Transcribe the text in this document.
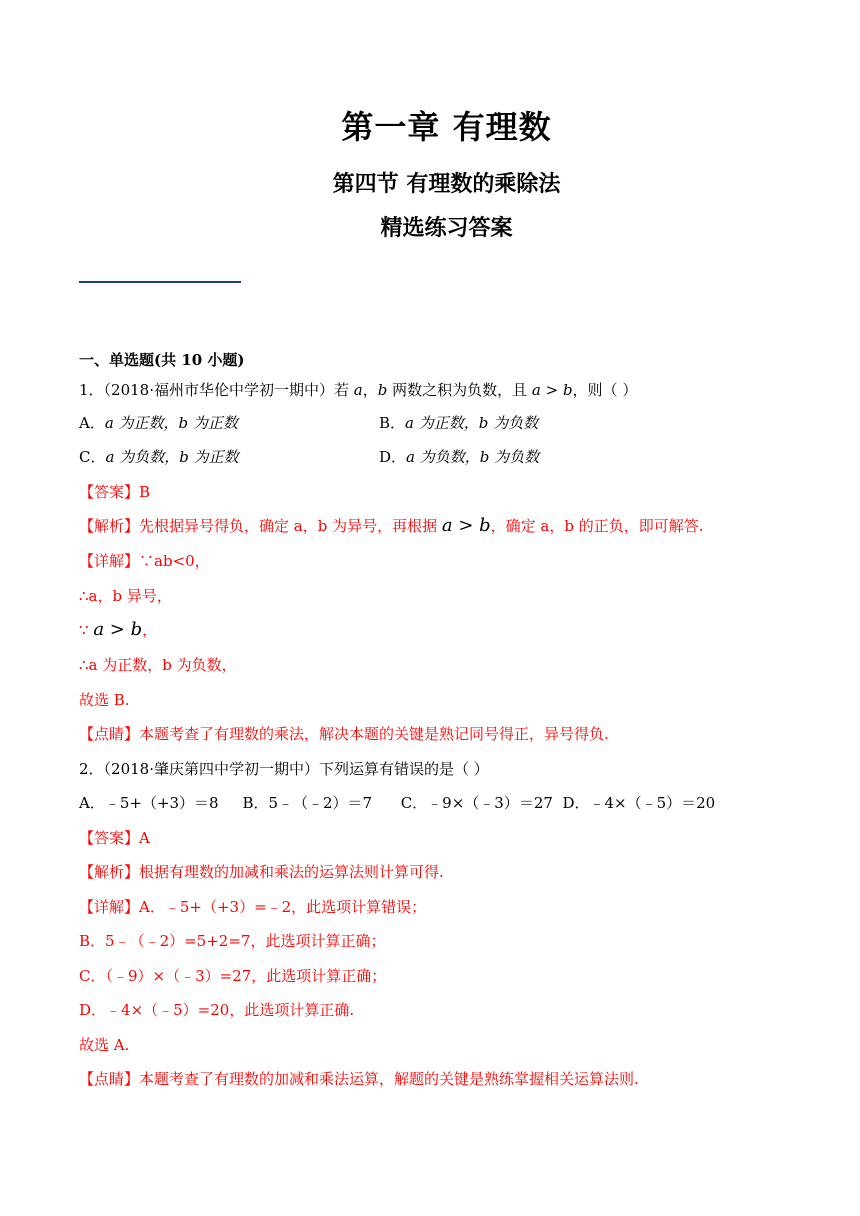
第一章 有理数
第四节 有理数的乘除法
精选练习答案
一、单选题(共 10 小题)
1．（2018·福州市华伦中学初一期中）若 a，b 两数之积为负数，且 a > b，则（ ）
A．a 为正数，b 为正数	B．a 为正数，b 为负数
C．a 为负数，b 为正数	D．a 为负数，b 为负数
【答案】B
【解析】先根据异号得负，确定 a，b 为异号，再根据 a > b，确定 a，b 的正负，即可解答.
【详解】∵ab<0，
∴a，b 异号，
∵ a > b，
∴a 为正数，b 为负数，
故选 B.
【点睛】本题考查了有理数的乘法，解决本题的关键是熟记同号得正，异号得负.
2．（2018·肇庆第四中学初一期中）下列运算有错误的是（ ）
A．﹣5+（+3）＝8     B．5﹣（﹣2）＝7      C．﹣9×（﹣3）＝27  D．﹣4×（﹣5）＝20
【答案】A
【解析】根据有理数的加减和乘法的运算法则计算可得.
【详解】A．﹣5+（+3）=﹣2，此选项计算错误；
B．5﹣（﹣2）=5+2=7，此选项计算正确；
C．（﹣9）×（﹣3）=27，此选项计算正确；
D．﹣4×（﹣5）=20，此选项计算正确.
故选 A.
【点睛】本题考查了有理数的加减和乘法运算，解题的关键是熟练掌握相关运算法则.
